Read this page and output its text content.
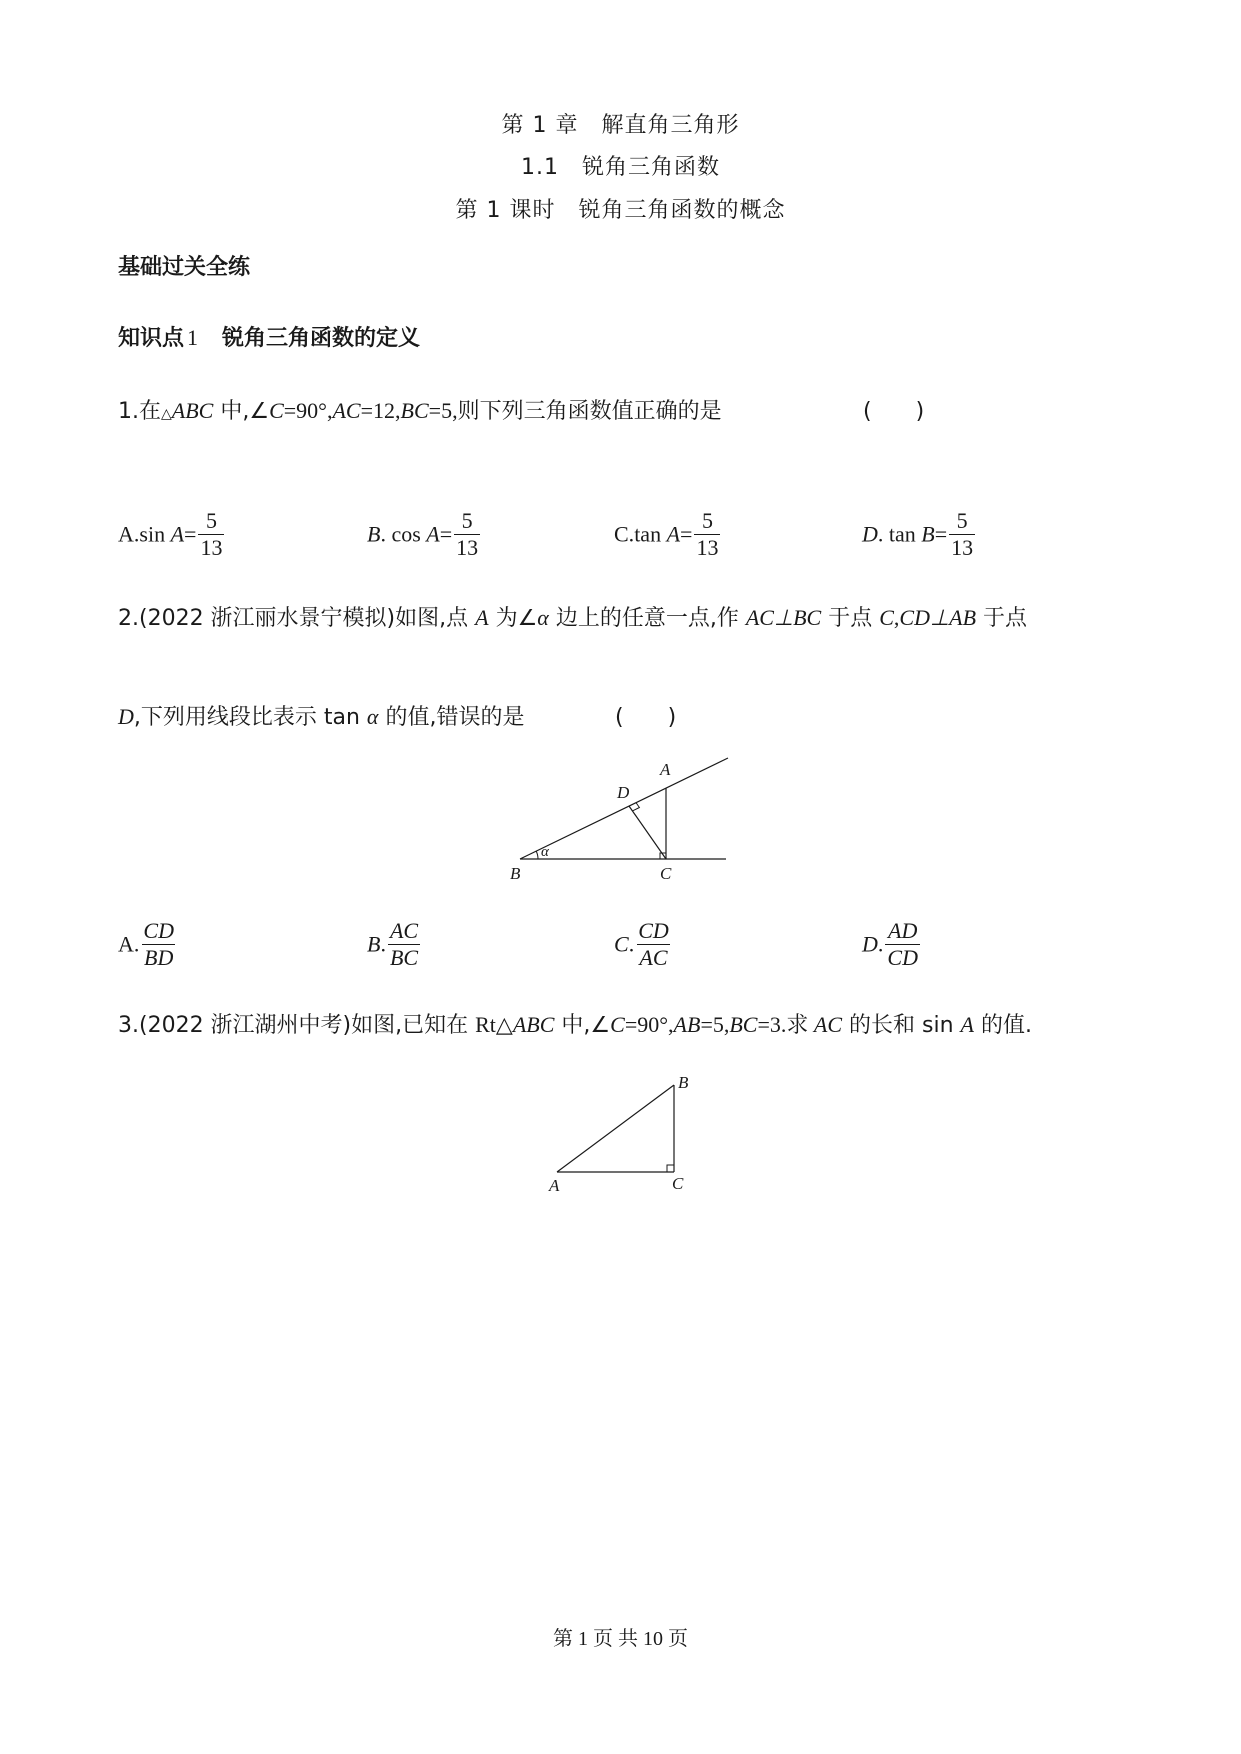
第 1 章　解直角三角形
1.1　锐角三角函数
第 1 课时　锐角三角函数的概念
基础过关全练
知识点 1 锐角三角函数的定义
1.在△ABC 中,∠C=90°,AC=12,BC=5,则下列三角函数值正确的是	(　　)
A.sin $A= \frac{5}{13}$	B. $\cos A= \frac{5}{13}$	C.tan $A= \frac{5}{13}$	D. $\tan B= \frac{5}{13}$
2.(2022 浙江丽水景宁模拟)如图,点 A 为∠α 边上的任意一点,作 AC⊥BC 于点 C,CD⊥AB 于点
D,下列用线段比表示 tan α 的值,错误的是	(　　)
A
D
B	C
α
A. $\frac{CD}{BD}$	B. $\frac{AC}{BC}$	C. $\frac{CD}{AC}$	D. $\frac{AD}{CD}$
3.(2022 浙江湖州中考)如图,已知在 Rt△ABC 中,∠C=90°,AB=5,BC=3.求 AC 的长和 sin A 的值.
B
A	C
第 1 页 共 10 页
